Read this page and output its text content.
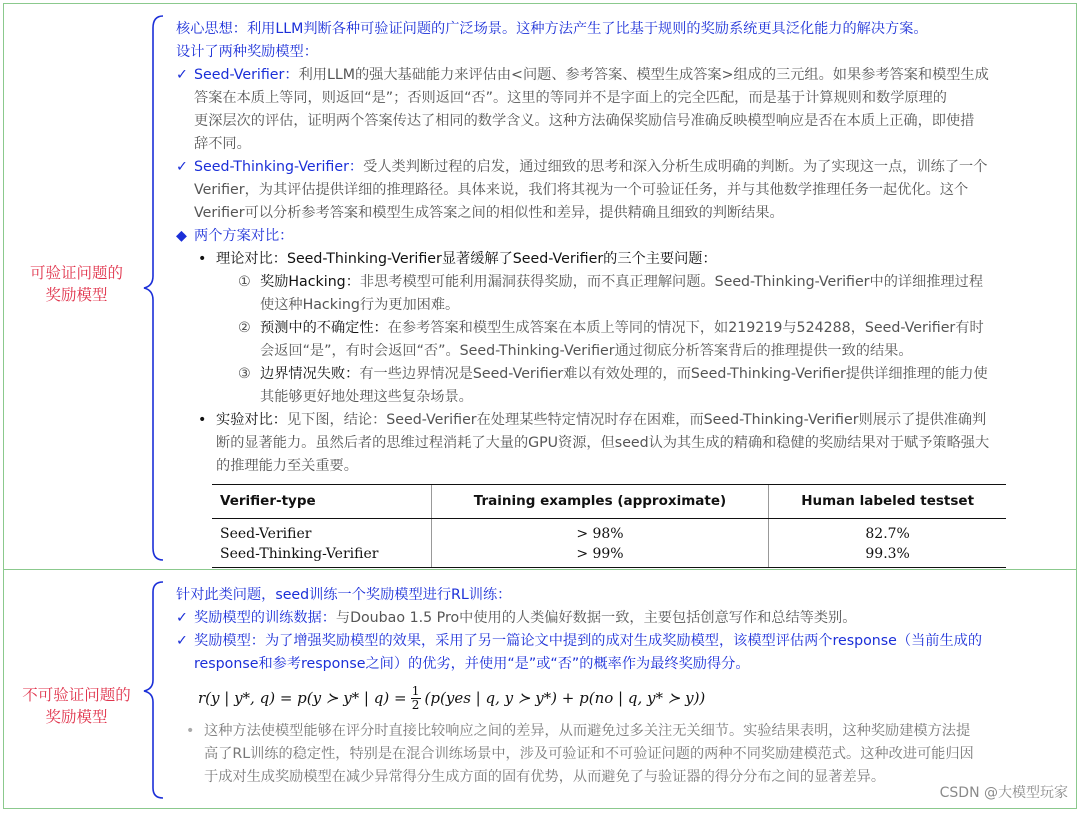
可验证问题的
奖励模型
核心思想：利用LLM判断各种可验证问题的广泛场景。这种方法产生了比基于规则的奖励系统更具泛化能力的解决方案。
设计了两种奖励模型：
✓ Seed-Verifier：利用LLM的强大基础能力来评估由<问题、参考答案、模型生成答案>组成的三元组。如果参考答案和模型生成
答案在本质上等同，则返回“是”；否则返回“否”。这里的等同并不是字面上的完全匹配，而是基于计算规则和数学原理的
更深层次的评估，证明两个答案传达了相同的数学含义。这种方法确保奖励信号准确反映模型响应是否在本质上正确，即使措
辞不同。
✓ Seed-Thinking-Verifier：受人类判断过程的启发，通过细致的思考和深入分析生成明确的判断。为了实现这一点，训练了一个
Verifier，为其评估提供详细的推理路径。具体来说，我们将其视为一个可验证任务，并与其他数学推理任务一起优化。这个
Verifier可以分析参考答案和模型生成答案之间的相似性和差异，提供精确且细致的判断结果。
◆ 两个方案对比：
• 理论对比：Seed-Thinking-Verifier显著缓解了Seed-Verifier的三个主要问题：
① 奖励Hacking：非思考模型可能利用漏洞获得奖励，而不真正理解问题。Seed-Thinking-Verifier中的详细推理过程
使这种Hacking行为更加困难。
② 预测中的不确定性：在参考答案和模型生成答案在本质上等同的情况下，如219219与524288，Seed-Verifier有时
会返回“是”，有时会返回“否”。Seed-Thinking-Verifier通过彻底分析答案背后的推理提供一致的结果。
③ 边界情况失败：有一些边界情况是Seed-Verifier难以有效处理的，而Seed-Thinking-Verifier提供详细推理的能力使
其能够更好地处理这些复杂场景。
• 实验对比：见下图，结论：Seed-Verifier在处理某些特定情况时存在困难，而Seed-Thinking-Verifier则展示了提供准确判
断的显著能力。虽然后者的思维过程消耗了大量的GPU资源，但seed认为其生成的精确和稳健的奖励结果对于赋予策略强大
的推理能力至关重要。
Verifier-type	Training examples (approximate)	Human labeled testset
Seed-Verifier	> 98%	82.7%
Seed-Thinking-Verifier	> 99%	99.3%
不可验证问题的
奖励模型
针对此类问题，seed训练一个奖励模型进行RL训练：
✓ 奖励模型的训练数据：与Doubao 1.5 Pro中使用的人类偏好数据一致，主要包括创意写作和总结等类别。
✓ 奖励模型：为了增强奖励模型的效果，采用了另一篇论文中提到的成对生成奖励模型，该模型评估两个response（当前生成的
response和参考response之间）的优劣，并使用“是”或“否”的概率作为最终奖励得分。
r(y | y*, q) = p(y ≻ y* | $q) = \frac{1}{2} (p(yes$ | q, y ≻ y*) + p(no | q, y* ≻ y))
• 这种方法使模型能够在评分时直接比较响应之间的差异，从而避免过多关注无关细节。实验结果表明，这种奖励建模方法提
高了RL训练的稳定性，特别是在混合训练场景中，涉及可验证和不可验证问题的两种不同奖励建模范式。这种改进可能归因
于成对生成奖励模型在减少异常得分生成方面的固有优势，从而避免了与验证器的得分分布之间的显著差异。
CSDN @大模型玩家
